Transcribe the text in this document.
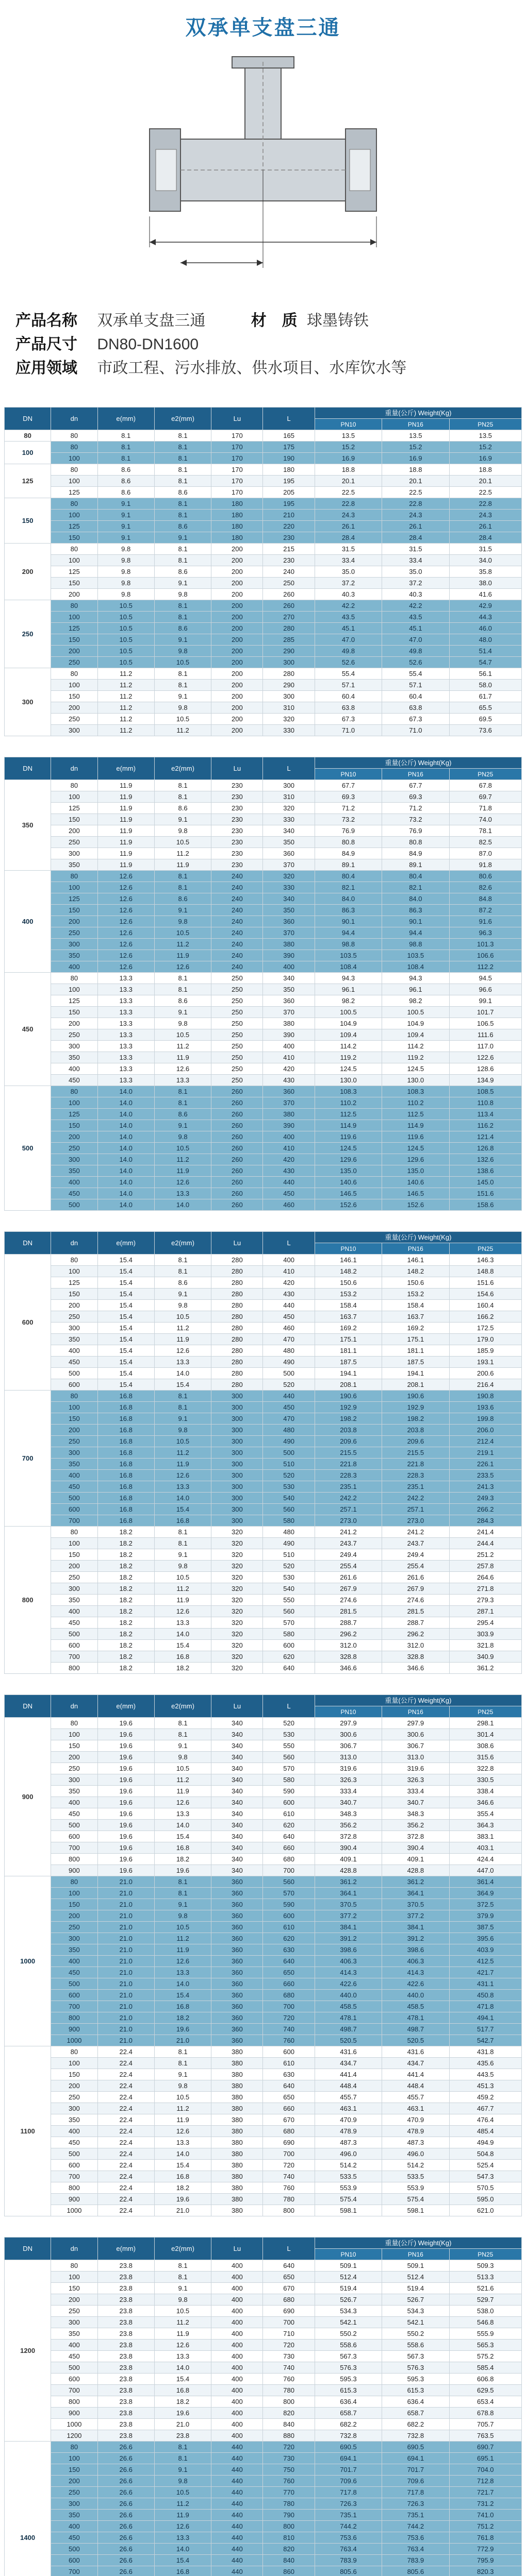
双承单支盘三通
产品名称 双承单支盘三通	材　质 球墨铸铁
产品尺寸 DN80-DN1600
应用领域 市政工程、污水排放、供水项目、水库饮水等
DN	dn	e(mm)	e2(mm)	Lu	L	重量(公斤) Weight(Kg)		
						PN10	PN16	PN25
80	80	8.1	8.1	170	165	13.5	13.5	13.5
100	80	8.1	8.1	170	175	15.2	15.2	15.2
	100	8.1	8.1	170	190	16.9	16.9	16.9
125	80	8.6	8.1	170	180	18.8	18.8	18.8
	100	8.6	8.1	170	195	20.1	20.1	20.1
	125	8.6	8.6	170	205	22.5	22.5	22.5
150	80	9.1	8.1	180	195	22.8	22.8	22.8
	100	9.1	8.1	180	210	24.3	24.3	24.3
	125	9.1	8.6	180	220	26.1	26.1	26.1
	150	9.1	9.1	180	230	28.4	28.4	28.4
200	80	9.8	8.1	200	215	31.5	31.5	31.5
	100	9.8	8.1	200	230	33.4	33.4	34.0
	125	9.8	8.6	200	240	35.0	35.0	35.8
	150	9.8	9.1	200	250	37.2	37.2	38.0
	200	9.8	9.8	200	260	40.3	40.3	41.6
250	80	10.5	8.1	200	260	42.2	42.2	42.9
	100	10.5	8.1	200	270	43.5	43.5	44.3
	125	10.5	8.6	200	280	45.1	45.1	46.0
	150	10.5	9.1	200	285	47.0	47.0	48.0
	200	10.5	9.8	200	290	49.8	49.8	51.4
	250	10.5	10.5	200	300	52.6	52.6	54.7
300	80	11.2	8.1	200	280	55.4	55.4	56.1
	100	11.2	8.1	200	290	57.1	57.1	58.0
	150	11.2	9.1	200	300	60.4	60.4	61.7
	200	11.2	9.8	200	310	63.8	63.8	65.5
	250	11.2	10.5	200	320	67.3	67.3	69.5
	300	11.2	11.2	200	330	71.0	71.0	73.6
DN	dn	e(mm)	e2(mm)	Lu	L	重量(公斤) Weight(Kg)		
						PN10	PN16	PN25
350	80	11.9	8.1	230	300	67.7	67.7	67.8
	100	11.9	8.1	230	310	69.3	69.3	69.7
	125	11.9	8.6	230	320	71.2	71.2	71.8
	150	11.9	9.1	230	330	73.2	73.2	74.0
	200	11.9	9.8	230	340	76.9	76.9	78.1
	250	11.9	10.5	230	350	80.8	80.8	82.5
	300	11.9	11.2	230	360	84.9	84.9	87.0
	350	11.9	11.9	230	370	89.1	89.1	91.8
400	80	12.6	8.1	240	320	80.4	80.4	80.6
	100	12.6	8.1	240	330	82.1	82.1	82.6
	125	12.6	8.6	240	340	84.0	84.0	84.8
	150	12.6	9.1	240	350	86.3	86.3	87.2
	200	12.6	9.8	240	360	90.1	90.1	91.6
	250	12.6	10.5	240	370	94.4	94.4	96.3
	300	12.6	11.2	240	380	98.8	98.8	101.3
	350	12.6	11.9	240	390	103.5	103.5	106.6
	400	12.6	12.6	240	400	108.4	108.4	112.2
450	80	13.3	8.1	250	340	94.3	94.3	94.5
	100	13.3	8.1	250	350	96.1	96.1	96.6
	125	13.3	8.6	250	360	98.2	98.2	99.1
	150	13.3	9.1	250	370	100.5	100.5	101.7
	200	13.3	9.8	250	380	104.9	104.9	106.5
	250	13.3	10.5	250	390	109.4	109.4	111.6
	300	13.3	11.2	250	400	114.2	114.2	117.0
	350	13.3	11.9	250	410	119.2	119.2	122.6
	400	13.3	12.6	250	420	124.5	124.5	128.6
	450	13.3	13.3	250	430	130.0	130.0	134.9
500	80	14.0	8.1	260	360	108.3	108.3	108.5
	100	14.0	8.1	260	370	110.2	110.2	110.8
	125	14.0	8.6	260	380	112.5	112.5	113.4
	150	14.0	9.1	260	390	114.9	114.9	116.2
	200	14.0	9.8	260	400	119.6	119.6	121.4
	250	14.0	10.5	260	410	124.5	124.5	126.8
	300	14.0	11.2	260	420	129.6	129.6	132.6
	350	14.0	11.9	260	430	135.0	135.0	138.6
	400	14.0	12.6	260	440	140.6	140.6	145.0
	450	14.0	13.3	260	450	146.5	146.5	151.6
	500	14.0	14.0	260	460	152.6	152.6	158.6
DN	dn	e(mm)	e2(mm)	Lu	L	重量(公斤) Weight(Kg)		
						PN10	PN16	PN25
600	80	15.4	8.1	280	400	146.1	146.1	146.3
	100	15.4	8.1	280	410	148.2	148.2	148.8
	125	15.4	8.6	280	420	150.6	150.6	151.6
	150	15.4	9.1	280	430	153.2	153.2	154.6
	200	15.4	9.8	280	440	158.4	158.4	160.4
	250	15.4	10.5	280	450	163.7	163.7	166.2
	300	15.4	11.2	280	460	169.2	169.2	172.5
	350	15.4	11.9	280	470	175.1	175.1	179.0
	400	15.4	12.6	280	480	181.1	181.1	185.9
	450	15.4	13.3	280	490	187.5	187.5	193.1
	500	15.4	14.0	280	500	194.1	194.1	200.6
	600	15.4	15.4	280	520	208.1	208.1	216.4
700	80	16.8	8.1	300	440	190.6	190.6	190.8
	100	16.8	8.1	300	450	192.9	192.9	193.6
	150	16.8	9.1	300	470	198.2	198.2	199.8
	200	16.8	9.8	300	480	203.8	203.8	206.0
	250	16.8	10.5	300	490	209.6	209.6	212.4
	300	16.8	11.2	300	500	215.5	215.5	219.1
	350	16.8	11.9	300	510	221.8	221.8	226.1
	400	16.8	12.6	300	520	228.3	228.3	233.5
	450	16.8	13.3	300	530	235.1	235.1	241.3
	500	16.8	14.0	300	540	242.2	242.2	249.3
	600	16.8	15.4	300	560	257.1	257.1	266.2
	700	16.8	16.8	300	580	273.0	273.0	284.3
800	80	18.2	8.1	320	480	241.2	241.2	241.4
	100	18.2	8.1	320	490	243.7	243.7	244.4
	150	18.2	9.1	320	510	249.4	249.4	251.2
	200	18.2	9.8	320	520	255.4	255.4	257.8
	250	18.2	10.5	320	530	261.6	261.6	264.6
	300	18.2	11.2	320	540	267.9	267.9	271.8
	350	18.2	11.9	320	550	274.6	274.6	279.3
	400	18.2	12.6	320	560	281.5	281.5	287.1
	450	18.2	13.3	320	570	288.7	288.7	295.4
	500	18.2	14.0	320	580	296.2	296.2	303.9
	600	18.2	15.4	320	600	312.0	312.0	321.8
	700	18.2	16.8	320	620	328.8	328.8	340.9
	800	18.2	18.2	320	640	346.6	346.6	361.2
DN	dn	e(mm)	e2(mm)	Lu	L	重量(公斤) Weight(Kg)		
						PN10	PN16	PN25
900	80	19.6	8.1	340	520	297.9	297.9	298.1
	100	19.6	8.1	340	530	300.6	300.6	301.4
	150	19.6	9.1	340	550	306.7	306.7	308.6
	200	19.6	9.8	340	560	313.0	313.0	315.6
	250	19.6	10.5	340	570	319.6	319.6	322.8
	300	19.6	11.2	340	580	326.3	326.3	330.5
	350	19.6	11.9	340	590	333.4	333.4	338.4
	400	19.6	12.6	340	600	340.7	340.7	346.6
	450	19.6	13.3	340	610	348.3	348.3	355.4
	500	19.6	14.0	340	620	356.2	356.2	364.3
	600	19.6	15.4	340	640	372.8	372.8	383.1
	700	19.6	16.8	340	660	390.4	390.4	403.1
	800	19.6	18.2	340	680	409.1	409.1	424.4
	900	19.6	19.6	340	700	428.8	428.8	447.0
1000	80	21.0	8.1	360	560	361.2	361.2	361.4
	100	21.0	8.1	360	570	364.1	364.1	364.9
	150	21.0	9.1	360	590	370.5	370.5	372.5
	200	21.0	9.8	360	600	377.2	377.2	379.9
	250	21.0	10.5	360	610	384.1	384.1	387.5
	300	21.0	11.2	360	620	391.2	391.2	395.6
	350	21.0	11.9	360	630	398.6	398.6	403.9
	400	21.0	12.6	360	640	406.3	406.3	412.5
	450	21.0	13.3	360	650	414.3	414.3	421.7
	500	21.0	14.0	360	660	422.6	422.6	431.1
	600	21.0	15.4	360	680	440.0	440.0	450.8
	700	21.0	16.8	360	700	458.5	458.5	471.8
	800	21.0	18.2	360	720	478.1	478.1	494.1
	900	21.0	19.6	360	740	498.7	498.7	517.7
	1000	21.0	21.0	360	760	520.5	520.5	542.7
1100	80	22.4	8.1	380	600	431.6	431.6	431.8
	100	22.4	8.1	380	610	434.7	434.7	435.6
	150	22.4	9.1	380	630	441.4	441.4	443.5
	200	22.4	9.8	380	640	448.4	448.4	451.3
	250	22.4	10.5	380	650	455.7	455.7	459.2
	300	22.4	11.2	380	660	463.1	463.1	467.7
	350	22.4	11.9	380	670	470.9	470.9	476.4
	400	22.4	12.6	380	680	478.9	478.9	485.4
	450	22.4	13.3	380	690	487.3	487.3	494.9
	500	22.4	14.0	380	700	496.0	496.0	504.8
	600	22.4	15.4	380	720	514.2	514.2	525.4
	700	22.4	16.8	380	740	533.5	533.5	547.3
	800	22.4	18.2	380	760	553.9	553.9	570.5
	900	22.4	19.6	380	780	575.4	575.4	595.0
	1000	22.4	21.0	380	800	598.1	598.1	621.0
DN	dn	e(mm)	e2(mm)	Lu	L	重量(公斤) Weight(Kg)		
						PN10	PN16	PN25
1200	80	23.8	8.1	400	640	509.1	509.1	509.3
	100	23.8	8.1	400	650	512.4	512.4	513.3
	150	23.8	9.1	400	670	519.4	519.4	521.6
	200	23.8	9.8	400	680	526.7	526.7	529.7
	250	23.8	10.5	400	690	534.3	534.3	538.0
	300	23.8	11.2	400	700	542.1	542.1	546.8
	350	23.8	11.9	400	710	550.2	550.2	555.9
	400	23.8	12.6	400	720	558.6	558.6	565.3
	450	23.8	13.3	400	730	567.3	567.3	575.2
	500	23.8	14.0	400	740	576.3	576.3	585.4
	600	23.8	15.4	400	760	595.3	595.3	606.8
	700	23.8	16.8	400	780	615.3	615.3	629.5
	800	23.8	18.2	400	800	636.4	636.4	653.4
	900	23.8	19.6	400	820	658.7	658.7	678.8
	1000	23.8	21.0	400	840	682.2	682.2	705.7
	1200	23.8	23.8	400	880	732.8	732.8	763.5
1400	80	26.6	8.1	440	720	690.5	690.5	690.7
	100	26.6	8.1	440	730	694.1	694.1	695.1
	150	26.6	9.1	440	750	701.7	701.7	704.0
	200	26.6	9.8	440	760	709.6	709.6	712.8
	250	26.6	10.5	440	770	717.8	717.8	721.7
	300	26.6	11.2	440	780	726.3	726.3	731.2
	350	26.6	11.9	440	790	735.1	735.1	741.0
	400	26.6	12.6	440	800	744.2	744.2	751.2
	450	26.6	13.3	440	810	753.6	753.6	761.8
	500	26.6	14.0	440	820	763.4	763.4	772.9
	600	26.6	15.4	440	840	783.9	783.9	795.9
	700	26.6	16.8	440	860	805.6	805.6	820.3
